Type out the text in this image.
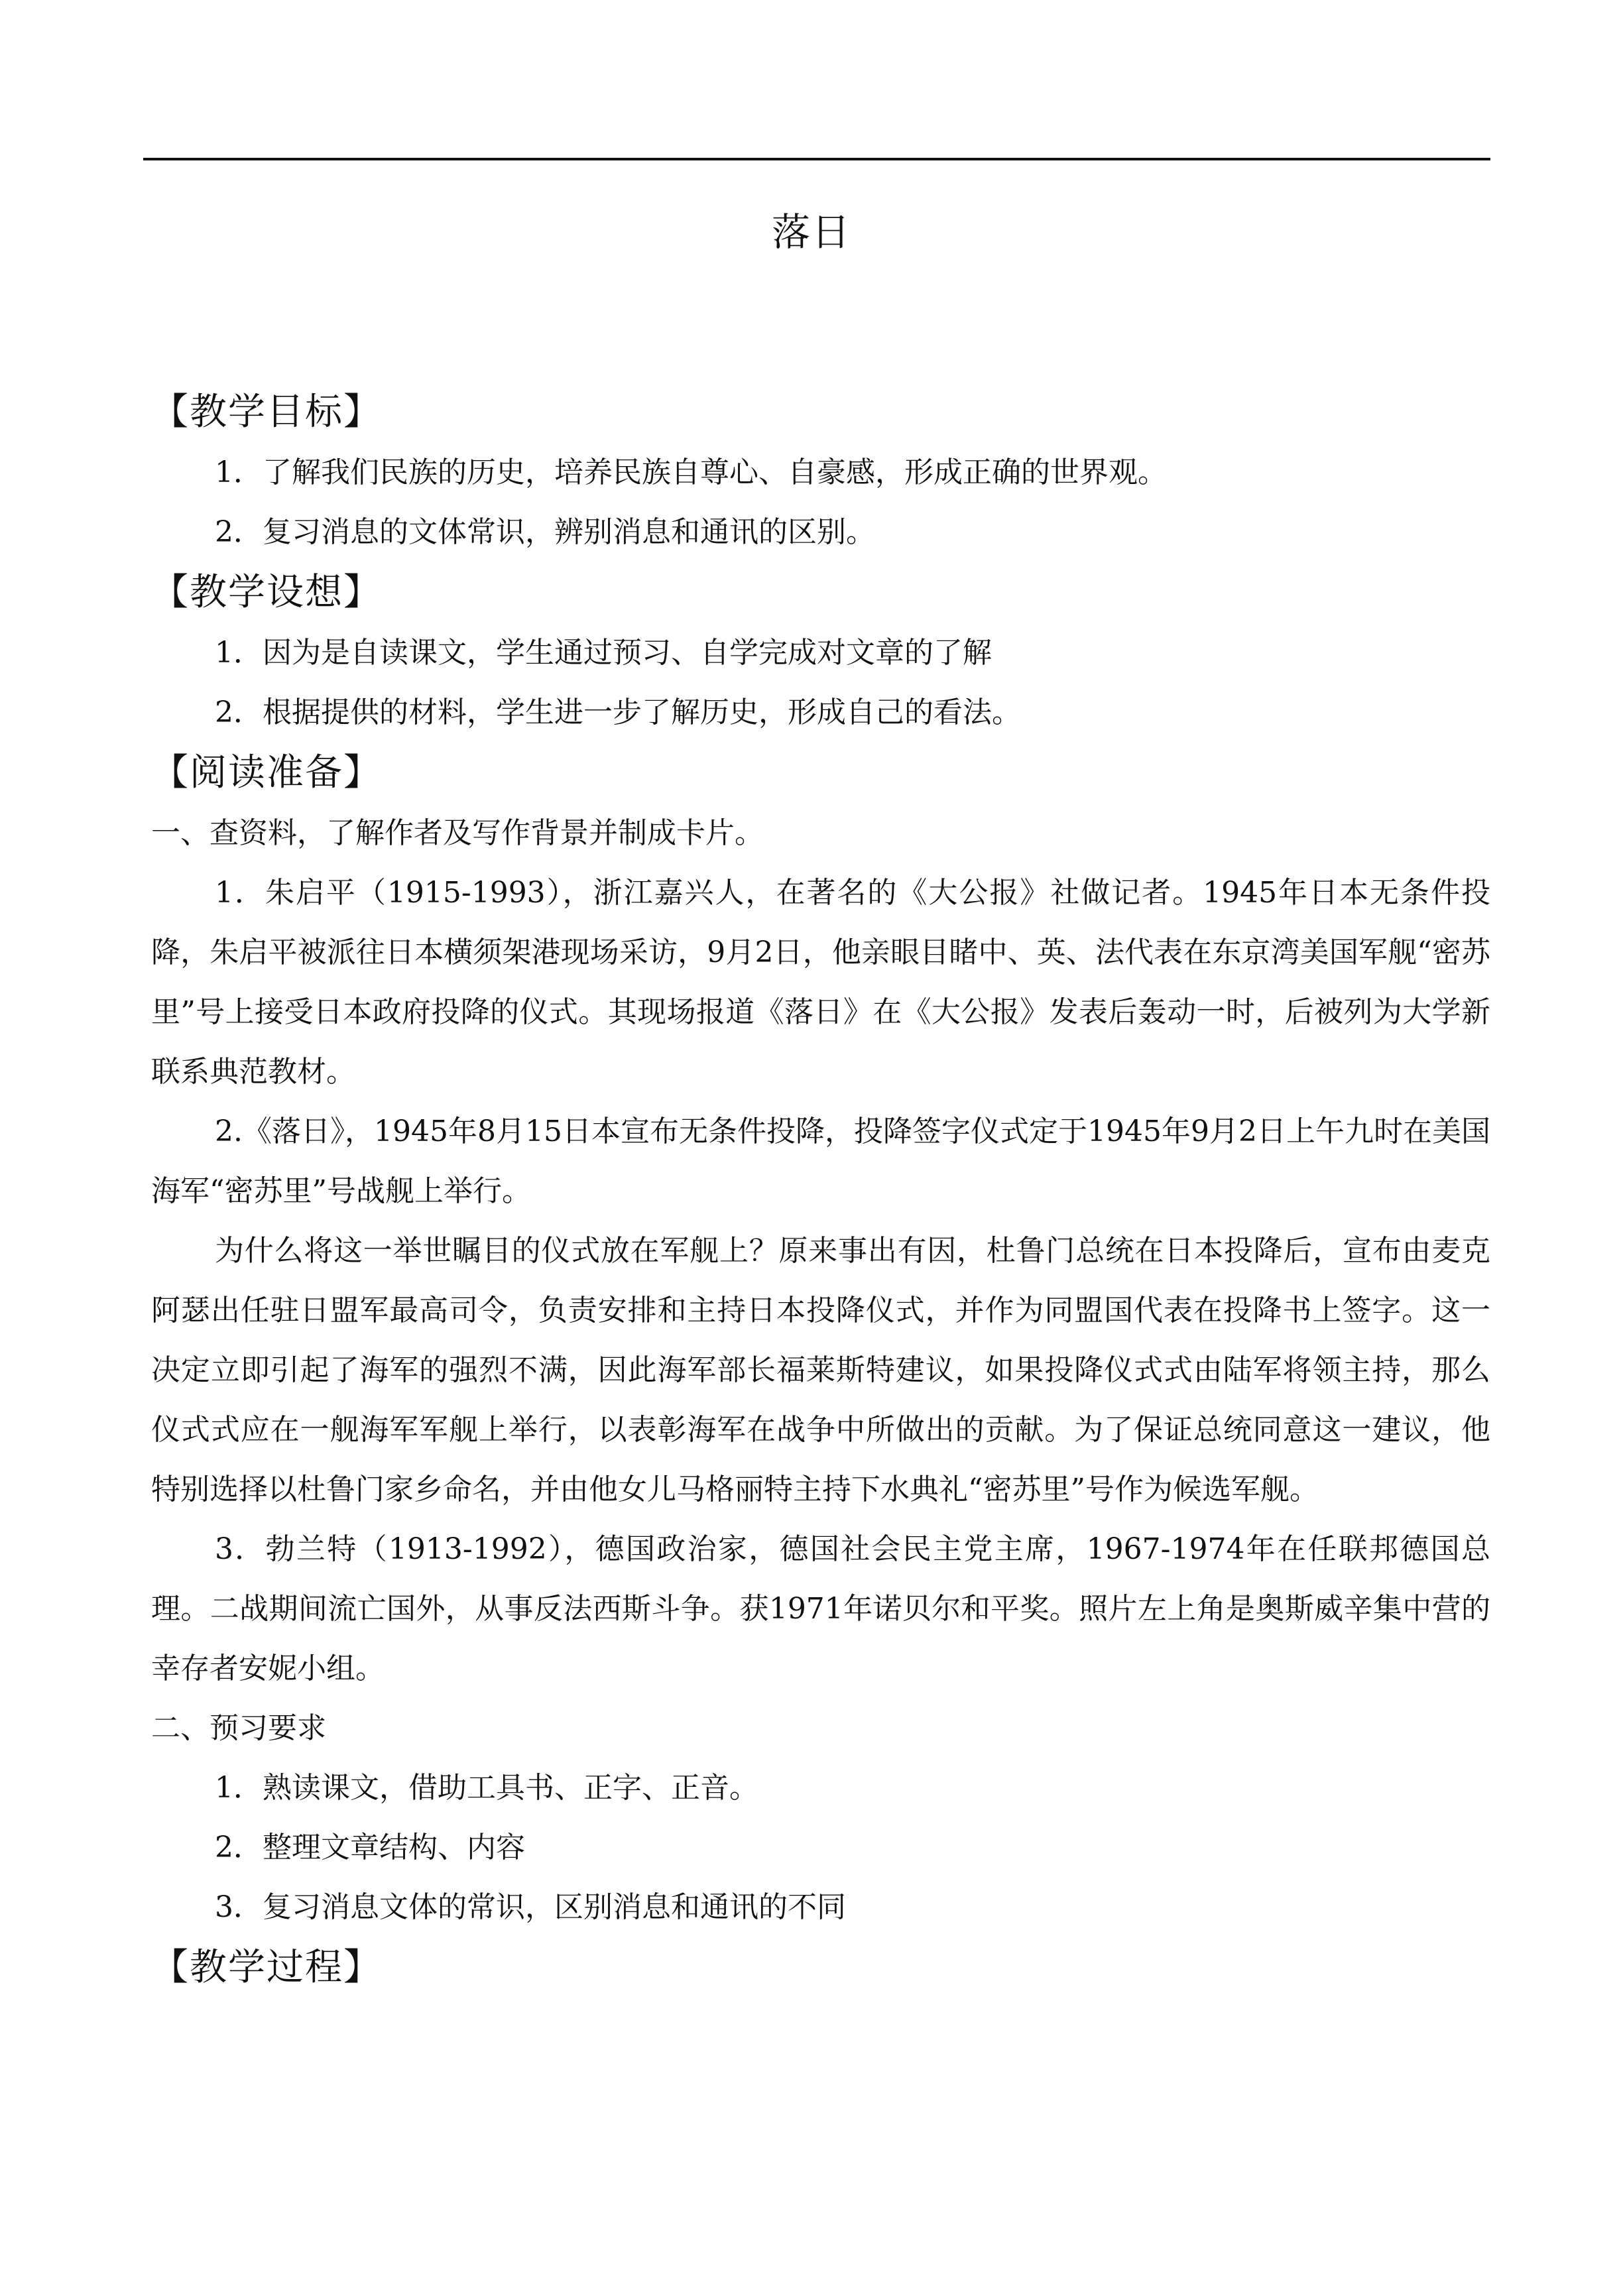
落日
【教学目标】

1．了解我们民族的历史，培养民族自尊心、自豪感，形成正确的世界观。

2．复习消息的文体常识，辨别消息和通讯的区别。

【教学设想】

1．因为是自读课文，学生通过预习、自学完成对文章的了解

2．根据提供的材料，学生进一步了解历史，形成自己的看法。

【阅读准备】

一、查资料，了解作者及写作背景并制成卡片。

1．朱启平（1915-1993），浙江嘉兴人，在著名的《大公报》社做记者。1945年日本无条件投降，朱启平被派往日本横须架港现场采访，9月2日，他亲眼目睹中、英、法代表在东京湾美国军舰“密苏里”号上接受日本政府投降的仪式。其现场报道《落日》在《大公报》发表后轰动一时，后被列为大学新联系典范教材。

2.《落日》，1945年8月15日本宣布无条件投降，投降签字仪式定于1945年9月2日上午九时在美国海军“密苏里”号战舰上举行。

为什么将这一举世瞩目的仪式放在军舰上？原来事出有因，杜鲁门总统在日本投降后，宣布由麦克阿瑟出任驻日盟军最高司令，负责安排和主持日本投降仪式，并作为同盟国代表在投降书上签字。这一决定立即引起了海军的强烈不满，因此海军部长福莱斯特建议，如果投降仪式式由陆军将领主持，那么仪式式应在一舰海军军舰上举行，以表彰海军在战争中所做出的贡献。为了保证总统同意这一建议，他特别选择以杜鲁门家乡命名，并由他女儿马格丽特主持下水典礼“密苏里”号作为候选军舰。

3．勃兰特（1913-1992），德国政治家，德国社会民主党主席，1967-1974年在任联邦德国总理。二战期间流亡国外，从事反法西斯斗争。获1971年诺贝尔和平奖。照片左上角是奥斯威辛集中营的幸存者安妮小组。

二、预习要求

1．熟读课文，借助工具书、正字、正音。

2．整理文章结构、内容

3．复习消息文体的常识，区别消息和通讯的不同

【教学过程】
